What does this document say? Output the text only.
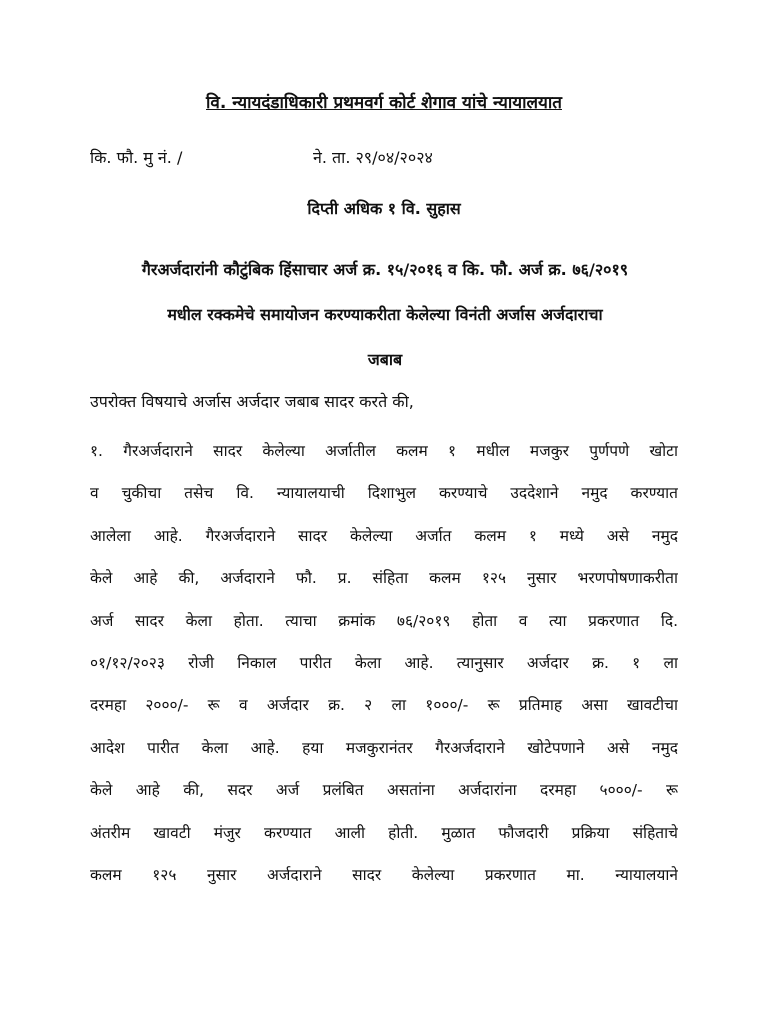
वि. न्यायदंडाधिकारी प्रथमवर्ग कोर्ट शेगाव यांचे न्यायालयात
कि. फौ. मु नं. /	ने. ता. २९/०४/२०२४
दिप्ती अधिक १ वि. सुहास
गैरअर्जदारांनी कौटुंबिक हिंसाचार अर्ज क्र. १५/२०१६ व कि. फौ. अर्ज क्र. ७६/२०१९
मधील रक्कमेचे समायोजन करण्याकरीता केलेल्या विनंती अर्जास अर्जदाराचा
जबाब
उपरोक्त विषयाचे अर्जास अर्जदार जबाब सादर करते की,
१. गैरअर्जदाराने सादर केलेल्या अर्जातील कलम १ मधील मजकुर पुर्णपणे खोटा
व चुकीचा तसेच वि. न्यायालयाची दिशाभुल करण्याचे उददेशाने नमुद करण्यात
आलेला आहे. गैरअर्जदाराने सादर केलेल्या अर्जात कलम १ मध्ये असे नमुद
केले आहे की, अर्जदाराने फौ. प्र. संहिता कलम १२५ नुसार भरणपोषणाकरीता
अर्ज सादर केला होता. त्याचा क्रमांक ७६/२०१९ होता व त्या प्रकरणात दि.
०१/१२/२०२३ रोजी निकाल पारीत केला आहे. त्यानुसार अर्जदार क्र. १ ला
दरमहा २०००/- रू व अर्जदार क्र. २ ला १०००/- रू प्रतिमाह असा खावटीचा
आदेश पारीत केला आहे. हया मजकुरानंतर गैरअर्जदाराने खोटेपणाने असे नमुद
केले आहे की, सदर अर्ज प्रलंबित असतांना अर्जदारांना दरमहा ५०००/- रू
अंतरीम खावटी मंजुर करण्यात आली होती. मुळात फौजदारी प्रक्रिया संहिताचे
कलम १२५ नुसार अर्जदाराने सादर केलेल्या प्रकरणात मा. न्यायालयाने
